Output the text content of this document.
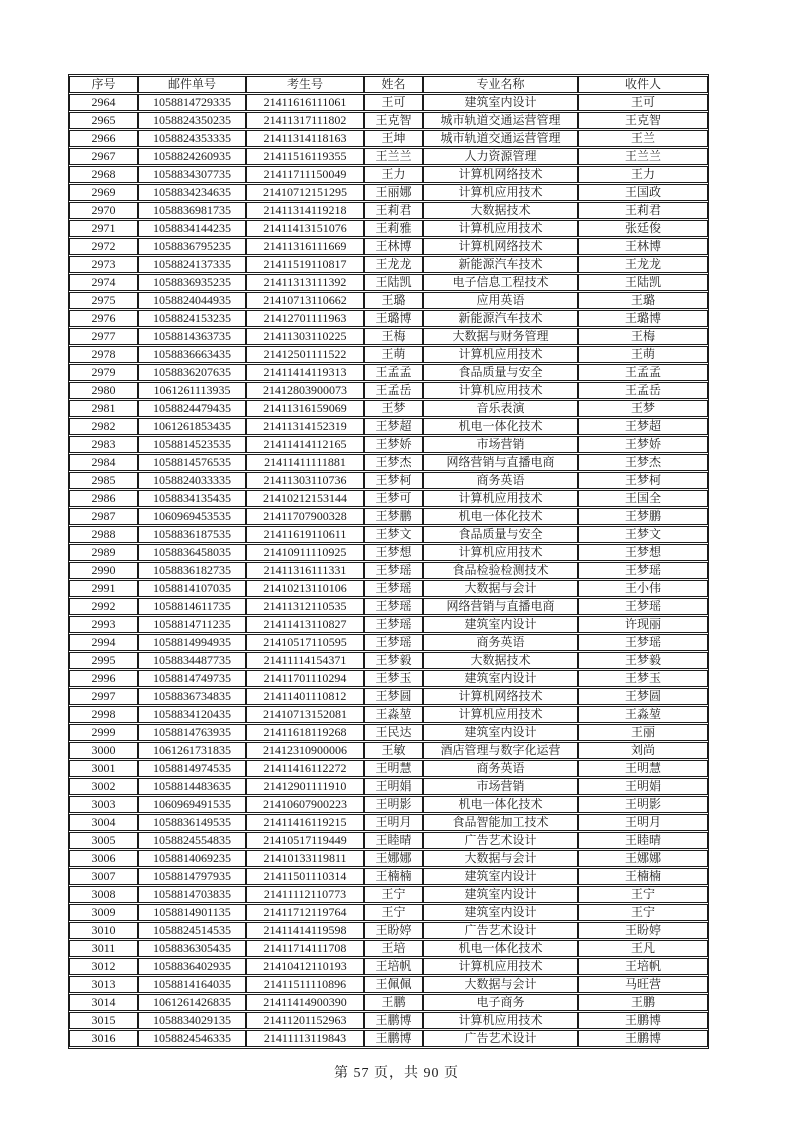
序号	邮件单号	考生号	姓名	专业名称	收件人
2964	1058814729335	21411616111061	王可	建筑室内设计	王可
2965	1058824350235	21411317111802	王克智	城市轨道交通运营管理	王克智
2966	1058824353335	21411314118163	王坤	城市轨道交通运营管理	王兰
2967	1058824260935	21411516119355	王兰兰	人力资源管理	王兰兰
2968	1058834307735	21411711150049	王力	计算机网络技术	王力
2969	1058834234635	21410712151295	王丽娜	计算机应用技术	王国政
2970	1058836981735	21411314119218	王莉君	大数据技术	王莉君
2971	1058834144235	21411413151076	王莉雅	计算机应用技术	张廷俊
2972	1058836795235	21411316111669	王林博	计算机网络技术	王林博
2973	1058824137335	21411519110817	王龙龙	新能源汽车技术	王龙龙
2974	1058836935235	21411313111392	王陆凯	电子信息工程技术	王陆凯
2975	1058824044935	21410713110662	王璐	应用英语	王璐
2976	1058824153235	21412701111963	王璐博	新能源汽车技术	王璐博
2977	1058814363735	21411303110225	王梅	大数据与财务管理	王梅
2978	1058836663435	21412501111522	王萌	计算机应用技术	王萌
2979	1058836207635	21411414119313	王孟孟	食品质量与安全	王孟孟
2980	1061261113935	21412803900073	王孟岳	计算机应用技术	王孟岳
2981	1058824479435	21411316159069	王梦	音乐表演	王梦
2982	1061261853435	21411314152319	王梦超	机电一体化技术	王梦超
2983	1058814523535	21411414112165	王梦娇	市场营销	王梦娇
2984	1058814576535	21411411111881	王梦杰	网络营销与直播电商	王梦杰
2985	1058824033335	21411303110736	王梦柯	商务英语	王梦柯
2986	1058834135435	21410212153144	王梦可	计算机应用技术	王国全
2987	1060969453535	21411707900328	王梦鹏	机电一体化技术	王梦鹏
2988	1058836187535	21411619110611	王梦文	食品质量与安全	王梦文
2989	1058836458035	21410911110925	王梦想	计算机应用技术	王梦想
2990	1058836182735	21411316111331	王梦瑶	食品检验检测技术	王梦瑶
2991	1058814107035	21410213110106	王梦瑶	大数据与会计	王小伟
2992	1058814611735	21411312110535	王梦瑶	网络营销与直播电商	王梦瑶
2993	1058814711235	21411413110827	王梦瑶	建筑室内设计	许现丽
2994	1058814994935	21410517110595	王梦瑶	商务英语	王梦瑶
2995	1058834487735	21411114154371	王梦毅	大数据技术	王梦毅
2996	1058814749735	21411701110294	王梦玉	建筑室内设计	王梦玉
2997	1058836734835	21411401110812	王梦圆	计算机网络技术	王梦圆
2998	1058834120435	21410713152081	王淼堃	计算机应用技术	王淼堃
2999	1058814763935	21411618119268	王民达	建筑室内设计	王丽
3000	1061261731835	21412310900006	王敏	酒店管理与数字化运营	刘尚
3001	1058814974535	21411416112272	王明慧	商务英语	王明慧
3002	1058814483635	21412901111910	王明娟	市场营销	王明娟
3003	1060969491535	21410607900223	王明影	机电一体化技术	王明影
3004	1058836149535	21411416119215	王明月	食品智能加工技术	王明月
3005	1058824554835	21410517119449	王睦晴	广告艺术设计	王睦晴
3006	1058814069235	21410133119811	王娜娜	大数据与会计	王娜娜
3007	1058814797935	21411501110314	王楠楠	建筑室内设计	王楠楠
3008	1058814703835	21411112110773	王宁	建筑室内设计	王宁
3009	1058814901135	21411712119764	王宁	建筑室内设计	王宁
3010	1058824514535	21411414119598	王盼婷	广告艺术设计	王盼婷
3011	1058836305435	21411714111708	王培	机电一体化技术	王凡
3012	1058836402935	21410412110193	王培帆	计算机应用技术	王培帆
3013	1058814164035	21411511110896	王佩佩	大数据与会计	马旺营
3014	1061261426835	21411414900390	王鹏	电子商务	王鹏
3015	1058834029135	21411201152963	王鹏博	计算机应用技术	王鹏博
3016	1058824546335	21411113119843	王鹏博	广告艺术设计	王鹏博
第 57 页，共 90 页
